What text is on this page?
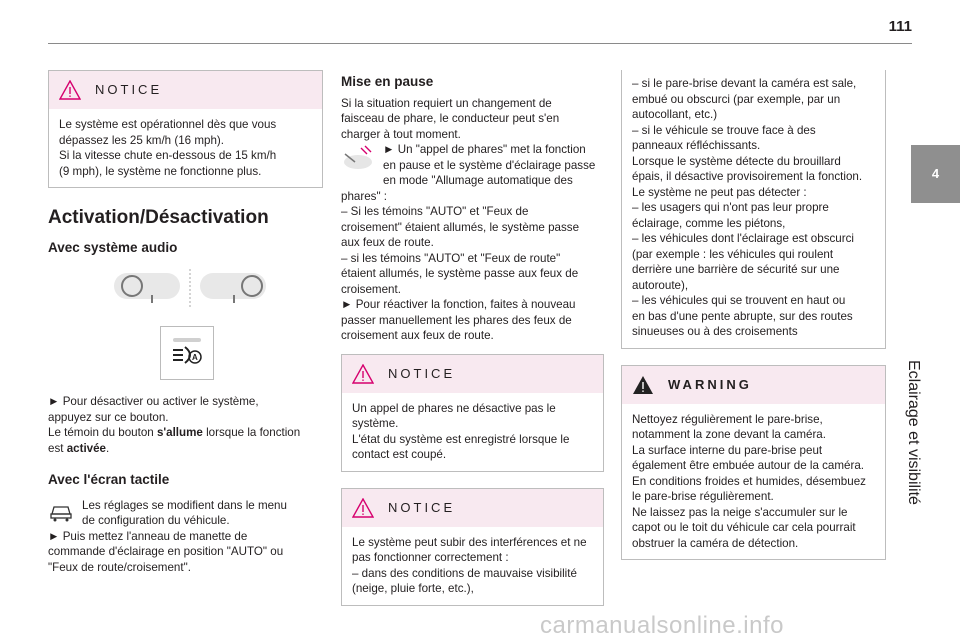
111
4
Eclairage et visibilité
NOTICE

Le système est opérationnel dès que vous

dépassez les 25 km/h (16 mph).

Si la vitesse chute en-dessous de 15 km/h

(9 mph), le système ne fonctionne plus.

Activation/Désactivation
Avec système audio
A

► Pour désactiver ou activer le système,

appuyez sur ce bouton.

Le témoin du bouton s'allume lorsque la fonction

est activée.

Avec l'écran tactile

Les réglages se modifient dans le menu

de configuration du véhicule.

► Puis mettez l'anneau de manette de

commande d'éclairage en position "AUTO" ou

"Feux de route/croisement".

Mise en pause

Si la situation requiert un changement de

faisceau de phare, le conducteur peut s'en

charger à tout moment.

► Un "appel de phares" met la fonction

en pause et le système d'éclairage passe

en mode "Allumage automatique des phares" :

– Si les témoins "AUTO" et "Feux de

croisement" étaient allumés, le système passe

aux feux de route.

– si les témoins "AUTO" et "Feux de route"

étaient allumés, le système passe aux feux de

croisement.

► Pour réactiver la fonction, faites à nouveau

passer manuellement les phares des feux de

croisement aux feux de route.

NOTICE

Un appel de phares ne désactive pas le

système.

L'état du système est enregistré lorsque le

contact est coupé.

NOTICE

Le système peut subir des interférences et ne

pas fonctionner correctement :

– dans des conditions de mauvaise visibilité

(neige, pluie forte, etc.),

– si le pare-brise devant la caméra est sale,

embué ou obscurci (par exemple, par un

autocollant, etc.)

– si le véhicule se trouve face à des

panneaux réfléchissants.

Lorsque le système détecte du brouillard

épais, il désactive provisoirement la fonction.

Le système ne peut pas détecter :

– les usagers qui n'ont pas leur propre

éclairage, comme les piétons,

– les véhicules dont l'éclairage est obscurci

(par exemple : les véhicules qui roulent

derrière une barrière de sécurité sur une

autoroute),

– les véhicules qui se trouvent en haut ou

en bas d'une pente abrupte, sur des routes

sinueuses ou à des croisements

WARNING

Nettoyez régulièrement le pare-brise,

notamment la zone devant la caméra.

La surface interne du pare-brise peut

également être embuée autour de la caméra.

En conditions froides et humides, désembuez

le pare-brise régulièrement.

Ne laissez pas la neige s'accumuler sur le

capot ou le toit du véhicule car cela pourrait

obstruer la caméra de détection.

carmanualsonline.info
